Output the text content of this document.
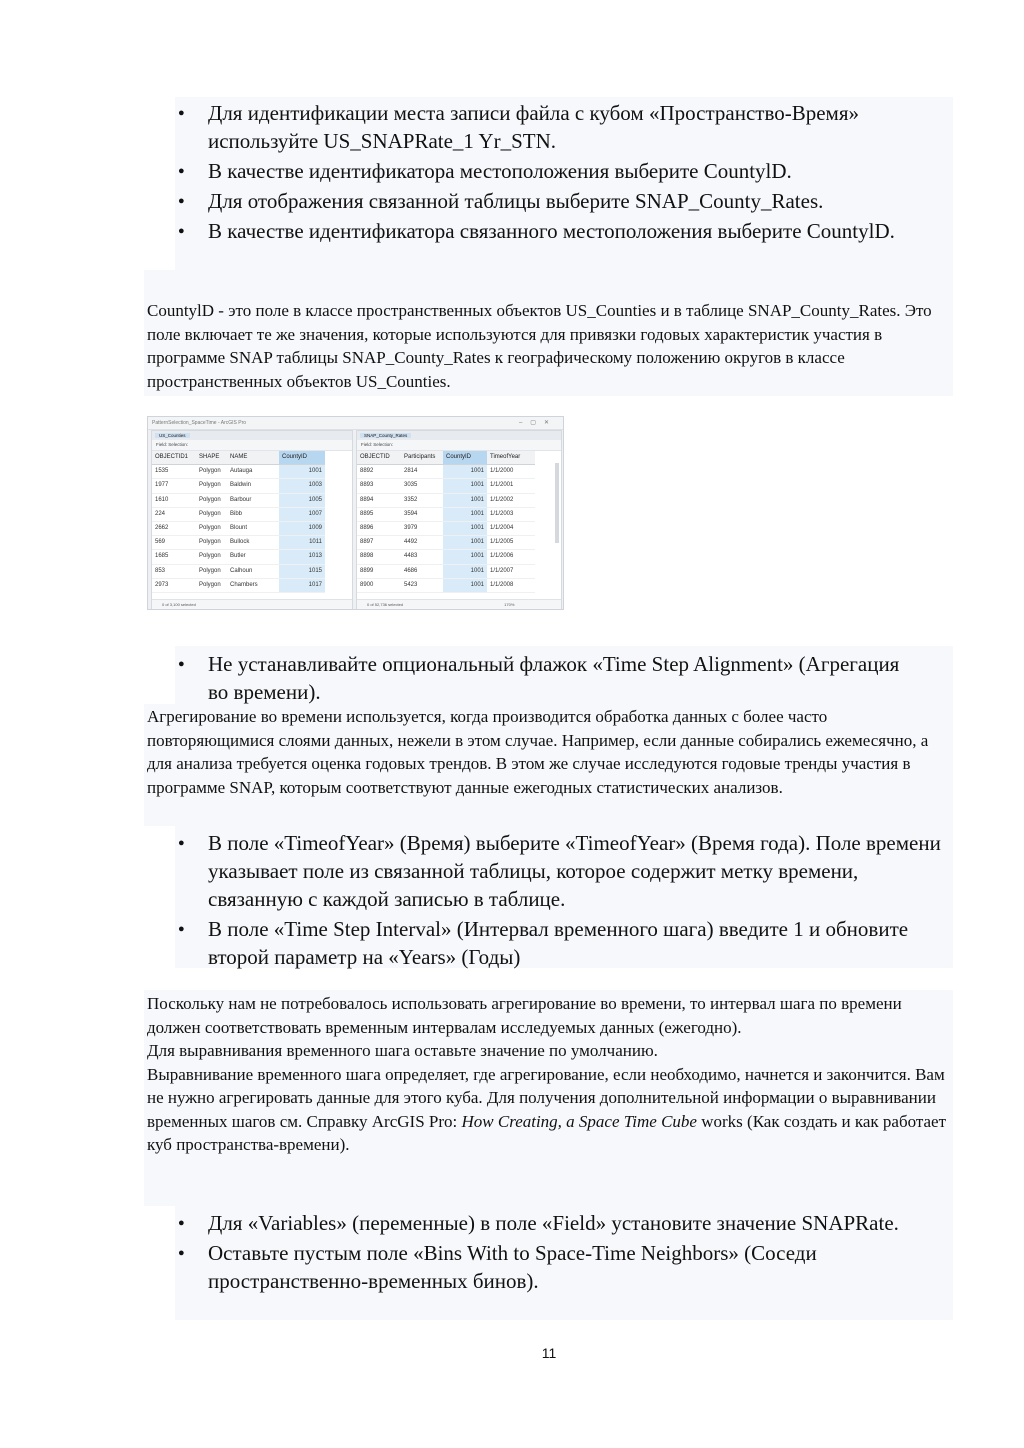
● Для идентификации места записи файла с кубом «Пространство-Время» используйте US_SNAPRate_1 Yr_STN.
● В качестве идентификатора местоположения выберите CountylD.
● Для отображения связанной таблицы выберите SNAP_County_Rates.
● В качестве идентификатора связанного местоположения выберите CountylD.

CountylD - это поле в классе пространственных объектов US_Counties и в таблице SNAP_County_Rates. Это поле включает те же значения, которые используются для привязки годовых характеристик участия в программе SNAP таблицы SNAP_County_Rates к географическому положению округов в классе пространственных объектов US_Counties.

PatternSelection_SpaceTime - ArcGIS Pro	–▢✕
US_Counties
Field: Selection:
OBJECTID1	SHAPE	NAME	CountyID
1535	Polygon	Autauga	1001
1977	Polygon	Baldwin	1003
1610	Polygon	Barbour	1005
224	Polygon	Bibb	1007
2662	Polygon	Blount	1009
569	Polygon	Bullock	1011
1685	Polygon	Butler	1013
853	Polygon	Calhoun	1015
2973	Polygon	Chambers	1017
0 of 3,100 selected
SNAP_County_Rates
Field: Selection:
OBJECTID	Participants	CountyID	TimeofYear
8892	2814	1001	1/1/2000
8893	3035	1001	1/1/2001
8894	3352	1001	1/1/2002
8895	3594	1001	1/1/2003
8896	3979	1001	1/1/2004
8897	4492	1001	1/1/2005
8898	4483	1001	1/1/2006
8899	4686	1001	1/1/2007
8900	5423	1001	1/1/2008
0 of 52,736 selected	170%
● Не устанавливайте опциональный флажок «Time Step Alignment» (Агрегация во времени).

Агрегирование во времени используется, когда производится обработка данных с более часто повторяющимися слоями данных, нежели в этом случае. Например, если данные собирались ежемесячно, а для анализа требуется оценка годовых трендов. В этом же случае исследуются годовые тренды участия в программе SNAP, которым соответствуют данные ежегодных статистических анализов.

● В поле «TimeofYear» (Время) выберите «TimeofYear» (Время года). Поле времени указывает поле из связанной таблицы, которое содержит метку времени, связанную с каждой записью в таблице.
● В поле «Time Step Interval» (Интервал временного шага) введите 1 и обновите второй параметр на «Years» (Годы)

Поскольку нам не потребовалось использовать агрегирование во времени, то интервал шага по времени должен соответствовать временным интервалам исследуемых данных (ежегодно).

Для выравнивания временного шага оставьте значение по умолчанию.

Выравнивание временного шага определяет, где агрегирование, если необходимо, начнется и закончится. Вам не нужно агрегировать данные для этого куба. Для получения дополнительной информации о выравнивании временных шагов см. Справку ArcGIS Pro: How Creating, a Space Time Cube works (Как создать и как работает куб пространства-времени).

● Для «Variables» (переменные) в поле «Field» установите значение SNAPRate.
● Оставьте пустым поле «Bins With to Space-Time Neighbors» (Соседи пространственно-временных бинов).
11
